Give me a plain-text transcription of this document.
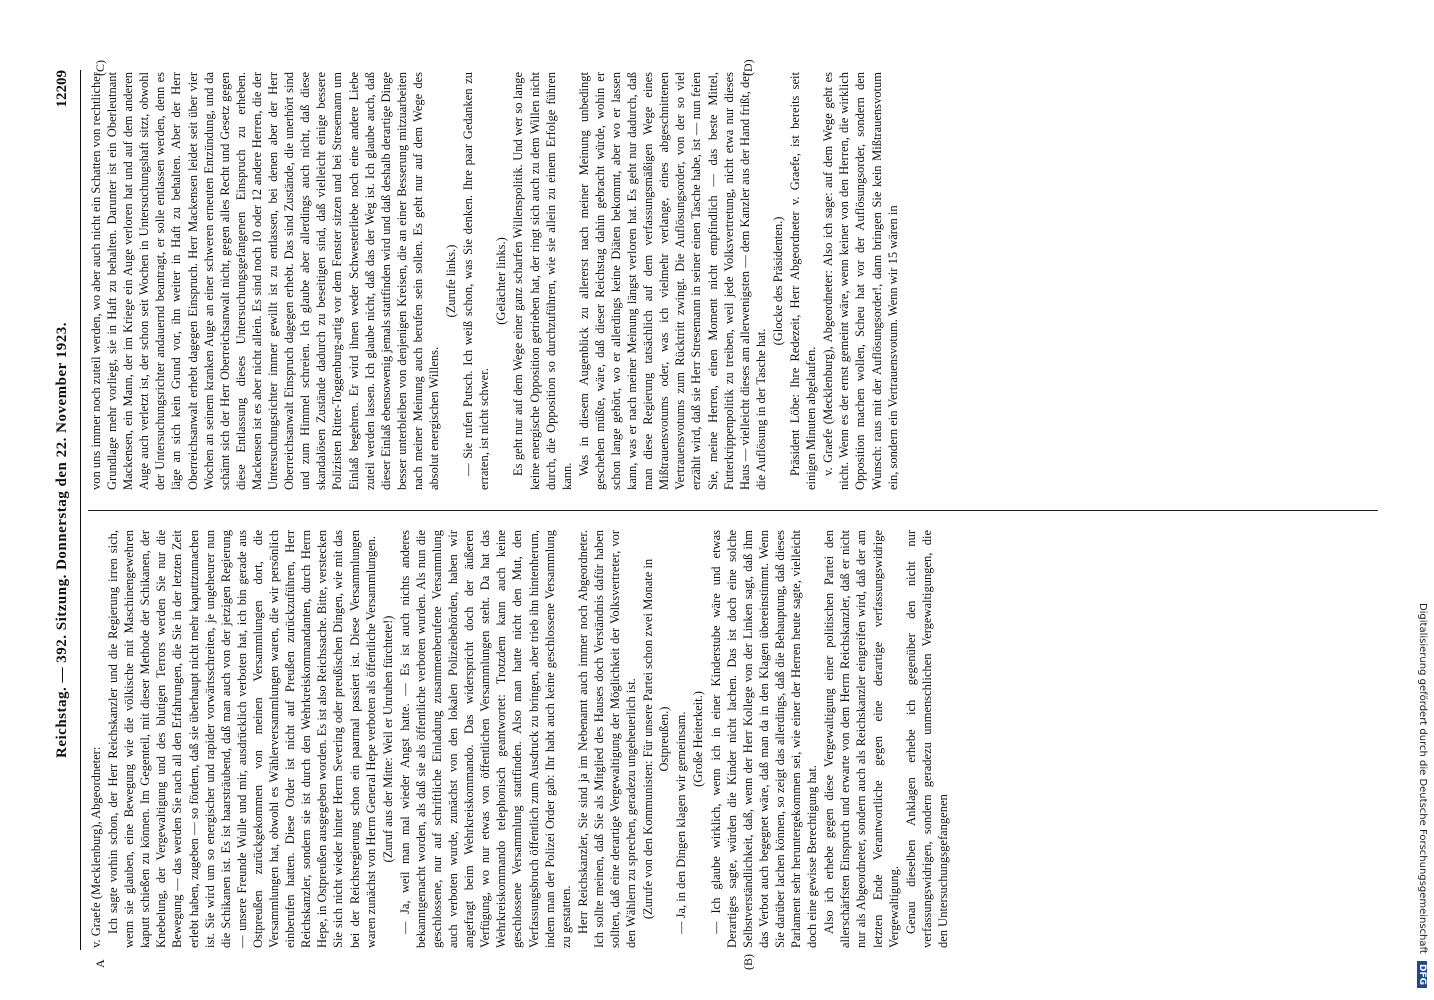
Reichstag. — 392. Sitzung. Donnerstag den 22. November 1923.
12209
A	(B)
(C)	(D)

v. Graefe (Mecklenburg), Abgeordneter: Ich sagte vorhin schon, der Herr Reichskanzler und die Regierung irren sich, wenn sie glauben, eine Bewegung wie die völkische mit Maschinengewehren kaputt schießen zu können. Im Gegenteil, mit dieser Methode der Schikanen, der Knebelung, der Vergewaltigung und des blutigen Terrors werden Sie nur die Bewegung — das werden Sie nach all den Erfahrungen, die Sie in der letzten Zeit erlebt haben, zugeben — so fördern, daß sie überhaupt nicht mehr kaputtzumachen ist. Sie wird um so energischer und rapider vorwärtsschreiten, je ungeheurer nun die Schikanen ist. Es ist haarsträubend, daß man auch von der jetzigen Regierung — unsere Freunde Wulle und mir, ausdrücklich verboten hat, ich bin gerade aus Ostpreußen zurückgekommen von meinen Versammlungen dort, die Versammlungen hat, obwohl es Wählerversammlungen waren, die wir persönlich einberufen hatten. Diese Order ist nicht auf Preußen zurückzuführen, Herr Reichskanzler, sondern sie ist durch den Wehrkreiskommandanten, durch Herrn Hepe, in Ostpreußen ausgegeben worden. Es ist also Reichssache. Bitte, verstecken Sie sich nicht wieder hinter Herrn Severing oder preußischen Dingen, wie mit das bei der Reichsregierung schon ein paarmal passiert ist. Diese Versammlungen waren zunächst von Herrn General Hepe verboten als öffentliche Versammlungen. (Zuruf aus der Mitte: Weil er Unruhen fürchtete!) — Ja, weil man mal wieder Angst hatte. — Es ist auch nichts anderes bekanntgemacht worden, als daß sie als öffentliche verboten wurden. Als nun die geschlossene, nur auf schriftliche Einladung zusammenberufene Versammlung auch verboten wurde, zunächst von den lokalen Polizeibehörden, haben wir angefragt beim Wehrkreiskommando. Das widerspricht doch der äußeren Verfügung, wo nur etwas von öffentlichen Versammlungen steht. Da hat das Wehrkreiskommando telephonisch geantwortet: Trotzdem kann auch keine geschlossene Versammlung stattfinden. Also man hatte nicht den Mut, den Verfassungsbruch öffentlich zum Ausdruck zu bringen, aber trieb ihn hintenherum, indem man der Polizei Order gab: Ihr habt auch keine geschlossene Versammlung zu gestatten. Herr Reichskanzler, Sie sind ja im Nebenamt auch immer noch Abgeordneter. Ich sollte meinen, daß Sie als Mitglied des Hauses doch Verständnis dafür haben sollten, daß eine derartige Vergewaltigung der Möglichkeit der Volksvertreter, vor den Wählern zu sprechen, geradezu ungeheuerlich ist. (Zurufe von den Kommunisten: Für unsere Partei schon zwei Monate in Ostpreußen.) — Ja, in den Dingen klagen wir gemeinsam. (Große Heiterkeit.) — Ich glaube wirklich, wenn ich in einer Kinderstube wäre und etwas Derartiges sagte, würden die Kinder nicht lachen. Das ist doch eine solche Selbstverständlichkeit, daß, wenn der Herr Kollege von der Linken sagt, daß ihm das Verbot auch begegnet wäre, daß man da in den Klagen übereinstimmt. Wenn Sie darüber lachen können, so zeigt das allerdings, daß die Behauptung, daß dieses Parlament sehr heruntergekommen sei, wie einer der Herren heute sagte, vielleicht doch eine gewisse Berechtigung hat. Also ich erhebe gegen diese Vergewaltigung einer politischen Partei den allerschärfsten Einspruch und erwarte von dem Herrn Reichskanzler, daß er nicht nur als Abgeordneter, sondern auch als Reichskanzler eingreifen wird, daß der am letzten Ende Verantwortliche gegen eine derartige verfassungswidrige Vergewaltigung. Genau dieselben Anklagen erhebe ich gegenüber den nicht nur verfassungswidrigen, sondern geradezu unmenschlichen Vergewaltigungen, die den Untersuchungsgefangenen

von uns immer noch zuteil werden, wo aber auch nicht ein Schatten von rechtlicher Grundlage mehr vorliegt, sie in Haft zu behalten. Darunter ist ein Oberleutnant Mackensen, ein Mann, der im Kriege ein Auge verloren hat und auf dem anderen Auge auch verletzt ist, der schon seit Wochen in Untersuchungshaft sitzt, obwohl der Untersuchungsrichter andauernd beantragt, er solle entlassen werden, denn es läge an sich kein Grund vor, ihn weiter in Haft zu behalten. Aber der Herr Oberreichsanwalt erhebt dagegen Einspruch. Herr Mackensen leidet seit über vier Wochen an seinem kranken Auge an einer schweren erneuten Entzündung, und da schämt sich der Herr Oberreichsanwalt nicht, gegen alles Recht und Gesetz gegen diese Entlassung dieses Untersuchungsgefangenen Einspruch zu erheben. Mackensen ist es aber nicht allein. Es sind noch 10 oder 12 andere Herren, die der Untersuchungsrichter immer gewillt ist zu entlassen, bei denen aber der Herr Oberreichsanwalt Einspruch dagegen erhebt. Das sind Zustände, die unerhört sind und zum Himmel schreien. Ich glaube aber allerdings auch nicht, daß diese skandalösen Zustände dadurch zu beseitigen sind, daß vielleicht einige bessere Polizisten Ritter-Toggenburg-artig vor dem Fenster sitzen und bei Stresemann um Einlaß begehren. Er wird ihnen weder Schwesterliebe noch eine andere Liebe zuteil werden lassen. Ich glaube nicht, daß das der Weg ist. Ich glaube auch, daß dieser Einlaß ebensowenig jemals stattfinden wird und daß deshalb derartige Dinge besser unterbleiben von denjenigen Kreisen, die an einer Besserung mitzuarbeiten nach meiner Meinung auch berufen sein sollen. Es geht nur auf dem Wege des absolut energischen Willens.

(Zurufe links.) — Sie rufen Putsch. Ich weiß schon, was Sie denken. Ihre paar Gedanken zu erraten, ist nicht schwer.

(Gelächter links.) Es geht nur auf dem Wege einer ganz scharfen Willenspolitik. Und wer so lange keine energische Opposition getrieben hat, der ringt sich auch zu dem Willen nicht durch, die Opposition so durchzuführen, wie sie allein zu einem Erfolge führen kann.

Was in diesem Augenblick zu allererst nach meiner Meinung unbedingt geschehen müßte, wäre, daß dieser Reichstag dahin gebracht würde, wohin er schon lange gehört, wo er allerdings keine Diäten bekommt, aber wo er lassen kann, was er nach meiner Meinung längst verloren hat. Es geht nur dadurch, daß man diese Regierung tatsächlich auf dem verfassungsmäßigen Wege eines Mißtrauensvotums oder, was ich vielmehr verlange, eines abgeschnittenen Vertrauensvotums zum Rücktritt zwingt. Die Auflösungsorder, von der so viel erzählt wird, daß sie Herr Stresemann in seiner einen Tasche habe, ist — nun feien Sie, meine Herren, einen Moment nicht empfindlich — das beste Mittel, Futterkrippenpolitik zu treiben, weil jede Volksvertretung, nicht etwa nur dieses Haus — vielleicht dieses am allerwenigsten — dem Kanzler aus der Hand frißt, der die Auflösung in der Tasche hat.

(Glocke des Präsidenten.) Präsident Löbe: Ihre Redezeit, Herr Abgeordneter v. Graefe, ist bereits seit einigen Minuten abgelaufen. v. Graefe (Mecklenburg), Abgeordneter: Also ich sage: auf dem Wege geht es nicht. Wenn es der ernst gemeint wäre, wenn keiner von den Herren, die wirklich Opposition machen wollen, Scheu hat vor der Auflösungsorder, sondern den Wunsch: raus mit der Auflösungsorder!, dann bringen Sie kein Mißtrauensvotum ein, sondern ein Vertrauensvotum. Wenn wir 15 wären in

Digitalisierung gefördert durch die Deutsche Forschungsgemeinschaft DFG
